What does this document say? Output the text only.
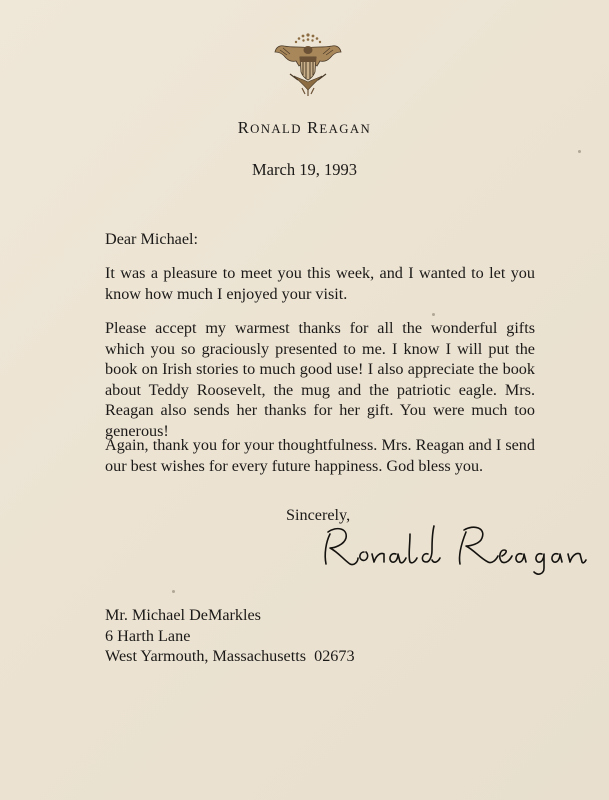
RONALD REAGAN
March 19, 1993
Dear Michael:

It was a pleasure to meet you this week, and I wanted to let you know how much I enjoyed your visit.

Please accept my warmest thanks for all the wonderful gifts which you so graciously presented to me. I know I will put the book on Irish stories to much good use! I also appreciate the book about Teddy Roosevelt, the mug and the patriotic eagle. Mrs. Reagan also sends her thanks for her gift. You were much too generous!

Again, thank you for your thoughtfulness. Mrs. Reagan and I send our best wishes for every future happiness. God bless you.

Sincerely,
Mr. Michael DeMarkles
6 Harth Lane
West Yarmouth, Massachusetts  02673
